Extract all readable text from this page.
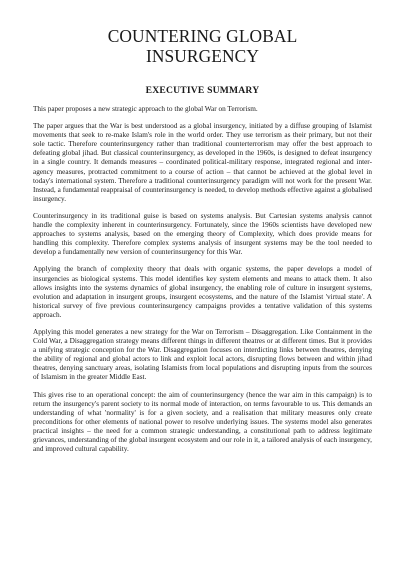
COUNTERING GLOBAL
INSURGENCY
EXECUTIVE SUMMARY

This paper proposes a new strategic approach to the global War on Terrorism.

The paper argues that the War is best understood as a global insurgency, initiated by a diffuse grouping of Islamist movements that seek to re-make Islam's role in the world order. They use terrorism as their primary, but not their sole tactic. Therefore counterinsurgency rather than traditional counterterrorism may offer the best approach to defeating global jihad. But classical counterinsurgency, as developed in the 1960s, is designed to defeat insurgency in a single country. It demands measures – coordinated political-military response, integrated regional and inter-agency measures, protracted commitment to a course of action – that cannot be achieved at the global level in today's international system. Therefore a traditional counterinsurgency paradigm will not work for the present War. Instead, a fundamental reappraisal of counterinsurgency is needed, to develop methods effective against a globalised insurgency.

Counterinsurgency in its traditional guise is based on systems analysis. But Cartesian systems analysis cannot handle the complexity inherent in counterinsurgency. Fortunately, since the 1960s scientists have developed new approaches to systems analysis, based on the emerging theory of Complexity, which does provide means for handling this complexity. Therefore complex systems analysis of insurgent systems may be the tool needed to develop a fundamentally new version of counterinsurgency for this War.

Applying the branch of complexity theory that deals with organic systems, the paper develops a model of insurgencies as biological systems. This model identifies key system elements and means to attack them. It also allows insights into the systems dynamics of global insurgency, the enabling role of culture in insurgent systems, evolution and adaptation in insurgent groups, insurgent ecosystems, and the nature of the Islamist 'virtual state'. A historical survey of five previous counterinsurgency campaigns provides a tentative validation of this systems approach.

Applying this model generates a new strategy for the War on Terrorism – Disaggregation. Like Containment in the Cold War, a Disaggregation strategy means different things in different theatres or at different times. But it provides a unifying strategic conception for the War. Disaggregation focuses on interdicting links between theatres, denying the ability of regional and global actors to link and exploit local actors, disrupting flows between and within jihad theatres, denying sanctuary areas, isolating Islamists from local populations and disrupting inputs from the sources of Islamism in the greater Middle East.

This gives rise to an operational concept: the aim of counterinsurgency (hence the war aim in this campaign) is to return the insurgency's parent society to its normal mode of interaction, on terms favourable to us. This demands an understanding of what 'normality' is for a given society, and a realisation that military measures only create preconditions for other elements of national power to resolve underlying issues. The systems model also generates practical insights – the need for a common strategic understanding, a constitutional path to address legitimate grievances, understanding of the global insurgent ecosystem and our role in it, a tailored analysis of each insurgency, and improved cultural capability.
